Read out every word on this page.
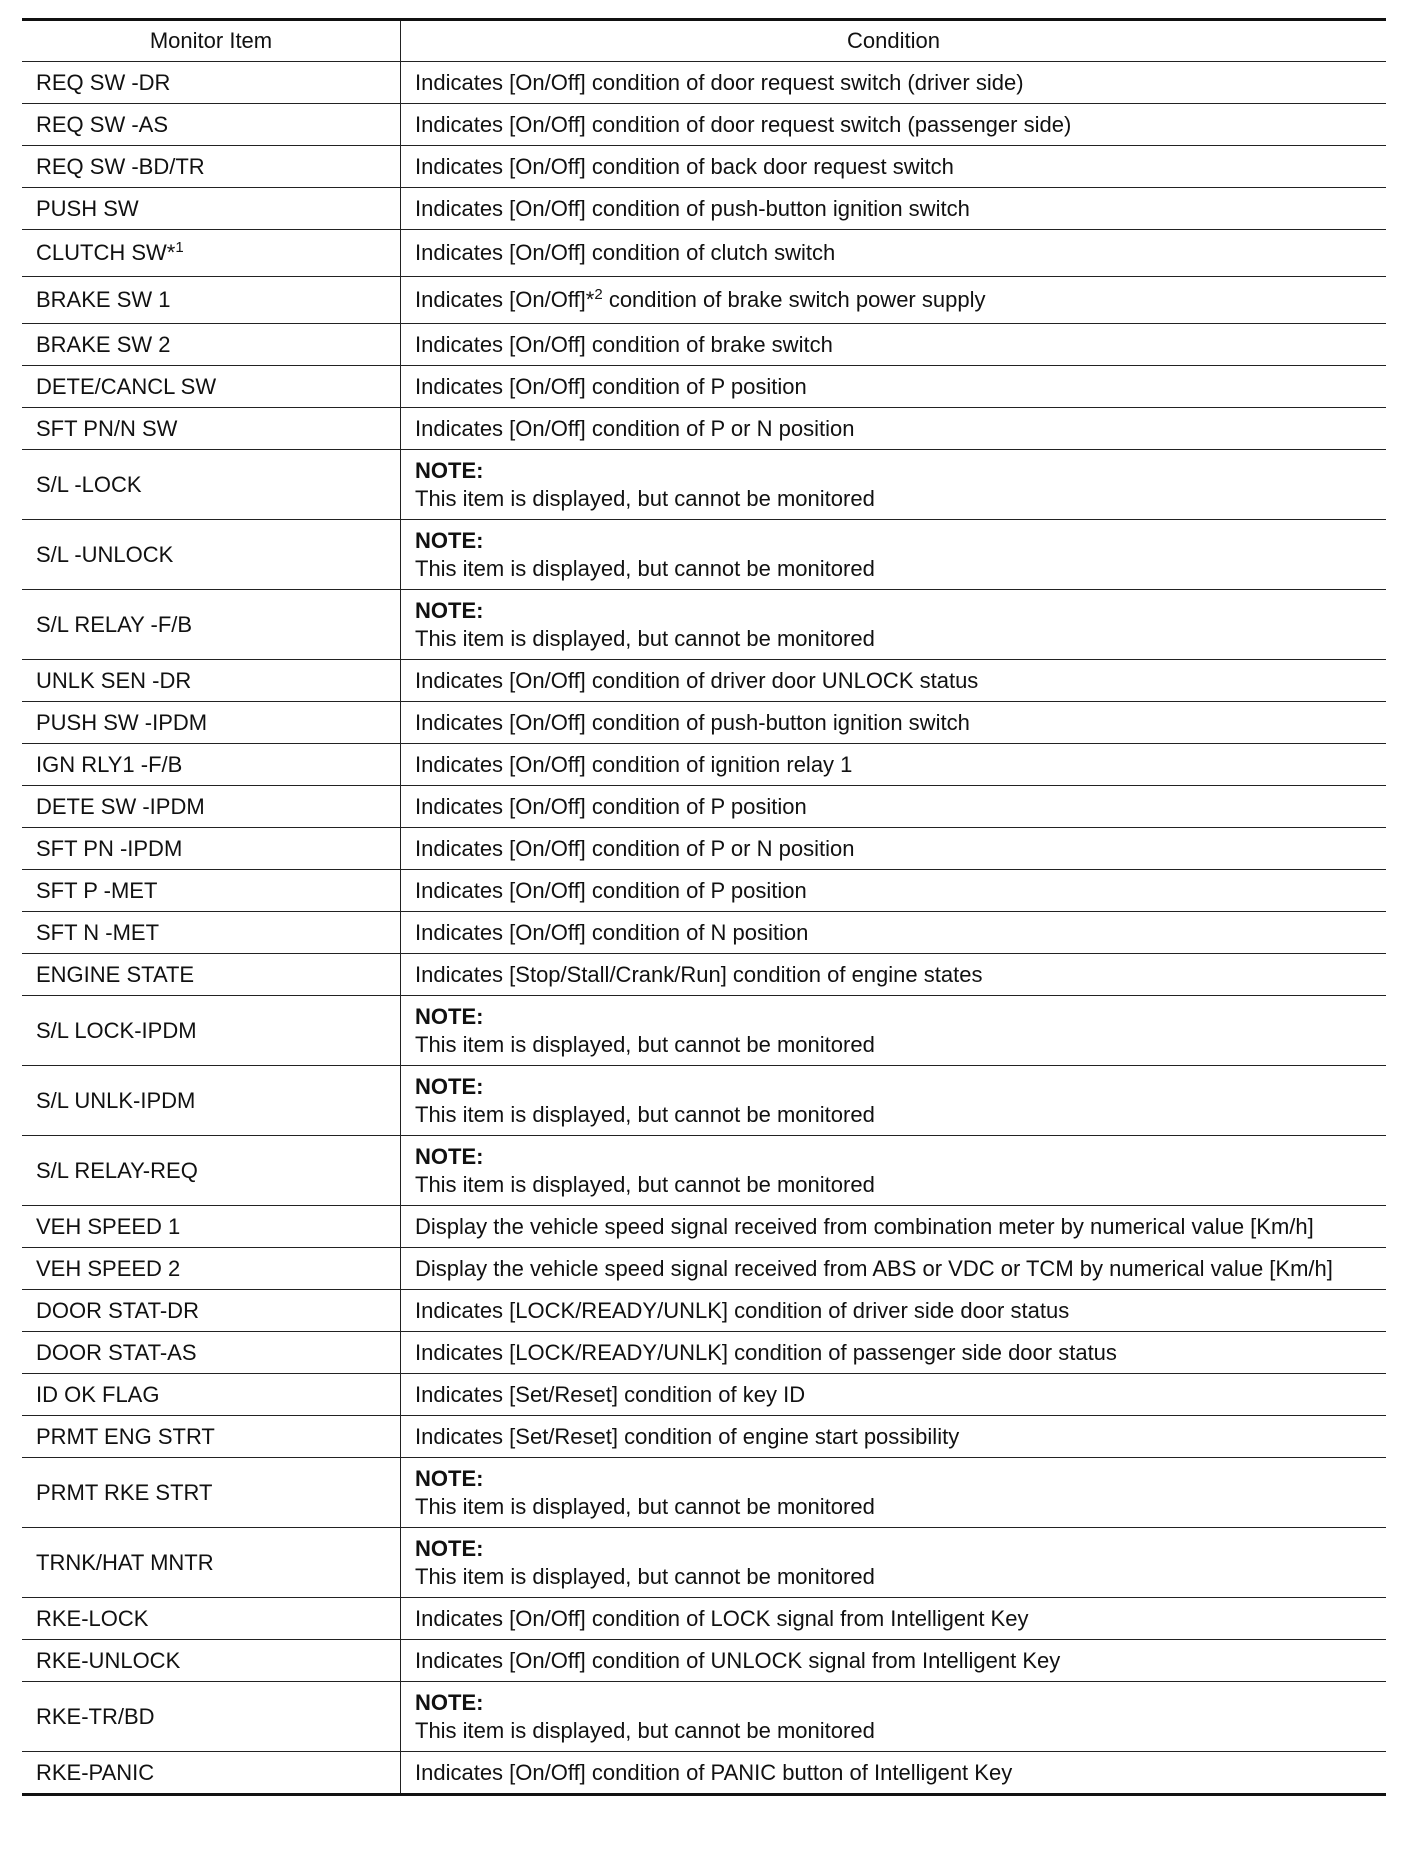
Monitor Item	Condition
REQ SW -DR	Indicates [On/Off] condition of door request switch (driver side)
REQ SW -AS	Indicates [On/Off] condition of door request switch (passenger side)
REQ SW -BD/TR	Indicates [On/Off] condition of back door request switch
PUSH SW	Indicates [On/Off] condition of push-button ignition switch
CLUTCH SW*$^1$	Indicates [On/Off] condition of clutch switch
BRAKE SW 1	Indicates [On/Off]*$^2$ condition of brake switch power supply
BRAKE SW 2	Indicates [On/Off] condition of brake switch
DETE/CANCL SW	Indicates [On/Off] condition of P position
SFT PN/N SW	Indicates [On/Off] condition of P or N position
S/L -LOCK	NOTE:
This item is displayed, but cannot be monitored

S/L -UNLOCK	NOTE:
This item is displayed, but cannot be monitored

S/L RELAY -F/B	NOTE:
This item is displayed, but cannot be monitored

UNLK SEN -DR	Indicates [On/Off] condition of driver door UNLOCK status
PUSH SW -IPDM	Indicates [On/Off] condition of push-button ignition switch
IGN RLY1 -F/B	Indicates [On/Off] condition of ignition relay 1
DETE SW -IPDM	Indicates [On/Off] condition of P position
SFT PN -IPDM	Indicates [On/Off] condition of P or N position
SFT P -MET	Indicates [On/Off] condition of P position
SFT N -MET	Indicates [On/Off] condition of N position
ENGINE STATE	Indicates [Stop/Stall/Crank/Run] condition of engine states
S/L LOCK-IPDM	NOTE:
This item is displayed, but cannot be monitored

S/L UNLK-IPDM	NOTE:
This item is displayed, but cannot be monitored

S/L RELAY-REQ	NOTE:
This item is displayed, but cannot be monitored

VEH SPEED 1	Display the vehicle speed signal received from combination meter by numerical value [Km/h]
VEH SPEED 2	Display the vehicle speed signal received from ABS or VDC or TCM by numerical value [Km/h]
DOOR STAT-DR	Indicates [LOCK/READY/UNLK] condition of driver side door status
DOOR STAT-AS	Indicates [LOCK/READY/UNLK] condition of passenger side door status
ID OK FLAG	Indicates [Set/Reset] condition of key ID
PRMT ENG STRT	Indicates [Set/Reset] condition of engine start possibility
PRMT RKE STRT	NOTE:
This item is displayed, but cannot be monitored

TRNK/HAT MNTR	NOTE:
This item is displayed, but cannot be monitored

RKE-LOCK	Indicates [On/Off] condition of LOCK signal from Intelligent Key
RKE-UNLOCK	Indicates [On/Off] condition of UNLOCK signal from Intelligent Key
RKE-TR/BD	NOTE:
This item is displayed, but cannot be monitored

RKE-PANIC	Indicates [On/Off] condition of PANIC button of Intelligent Key
